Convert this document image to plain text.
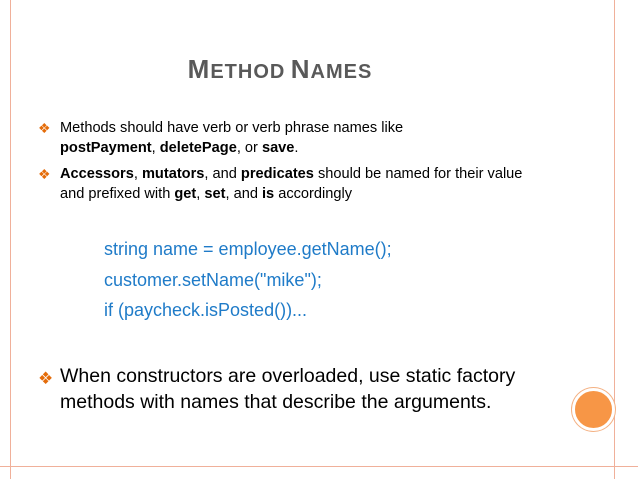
METHOD NAMES
❖ Methods should have verb or verb phrase names like
postPayment, deletePage, or save.
❖ Accessors, mutators, and predicates should be named for their value and prefixed with get, set, and is accordingly
string name = employee.getName();
customer.setName("mike");
if (paycheck.isPosted())...
❖ When constructors are overloaded, use static factory methods with names that describe the arguments.
